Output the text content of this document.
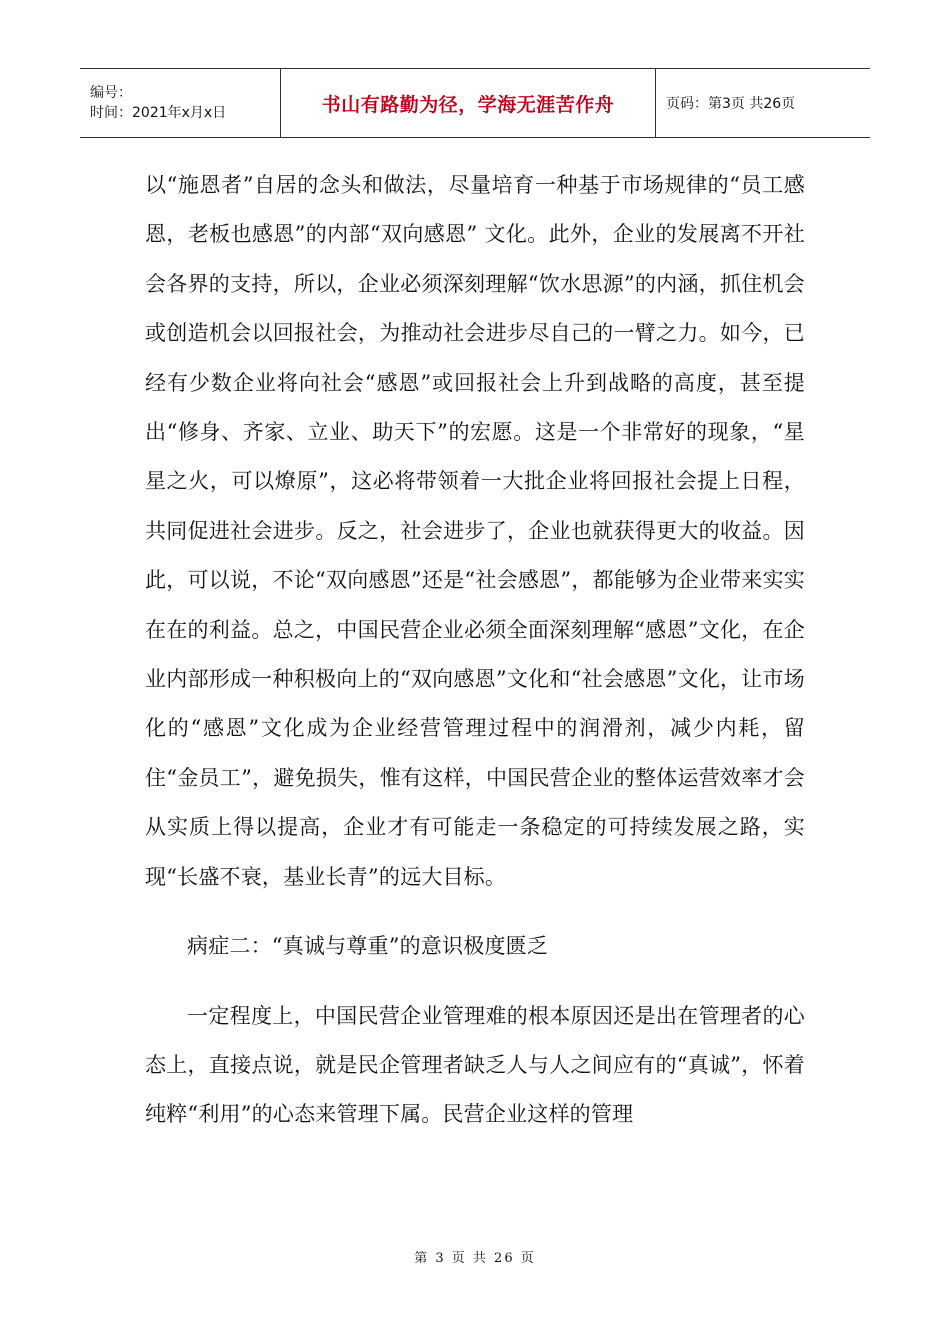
编号：
时间：2021年x月x日	书山有路勤为径，学海无涯苦作舟	页码：第3页 共26页

以“施恩者”自居的念头和做法，尽量培育一种基于市场规律的“员工感恩，老板也感恩”的内部“双向感恩” 文化。此外，企业的发展离不开社会各界的支持，所以，企业必须深刻理解“饮水思源”的内涵，抓住机会或创造机会以回报社会，为推动社会进步尽自己的一臂之力。如今，已经有少数企业将向社会“感恩”或回报社会上升到战略的高度，甚至提出“修身、齐家、立业、助天下”的宏愿。这是一个非常好的现象，“星星之火，可以燎原”，这必将带领着一大批企业将回报社会提上日程，共同促进社会进步。反之，社会进步了，企业也就获得更大的收益。因此，可以说，不论“双向感恩”还是“社会感恩”，都能够为企业带来实实在在的利益。总之，中国民营企业必须全面深刻理解“感恩”文化，在企业内部形成一种积极向上的“双向感恩”文化和“社会感恩”文化，让市场化的“感恩”文化成为企业经营管理过程中的润滑剂，减少内耗，留住“金员工”，避免损失，惟有这样，中国民营企业的整体运营效率才会从实质上得以提高，企业才有可能走一条稳定的可持续发展之路，实现“长盛不衰，基业长青”的远大目标。

病症二：“真诚与尊重”的意识极度匮乏

一定程度上，中国民营企业管理难的根本原因还是出在管理者的心态上，直接点说，就是民企管理者缺乏人与人之间应有的“真诚”，怀着纯粹“利用”的心态来管理下属。民营企业这样的管理

第 3 页 共 26 页
